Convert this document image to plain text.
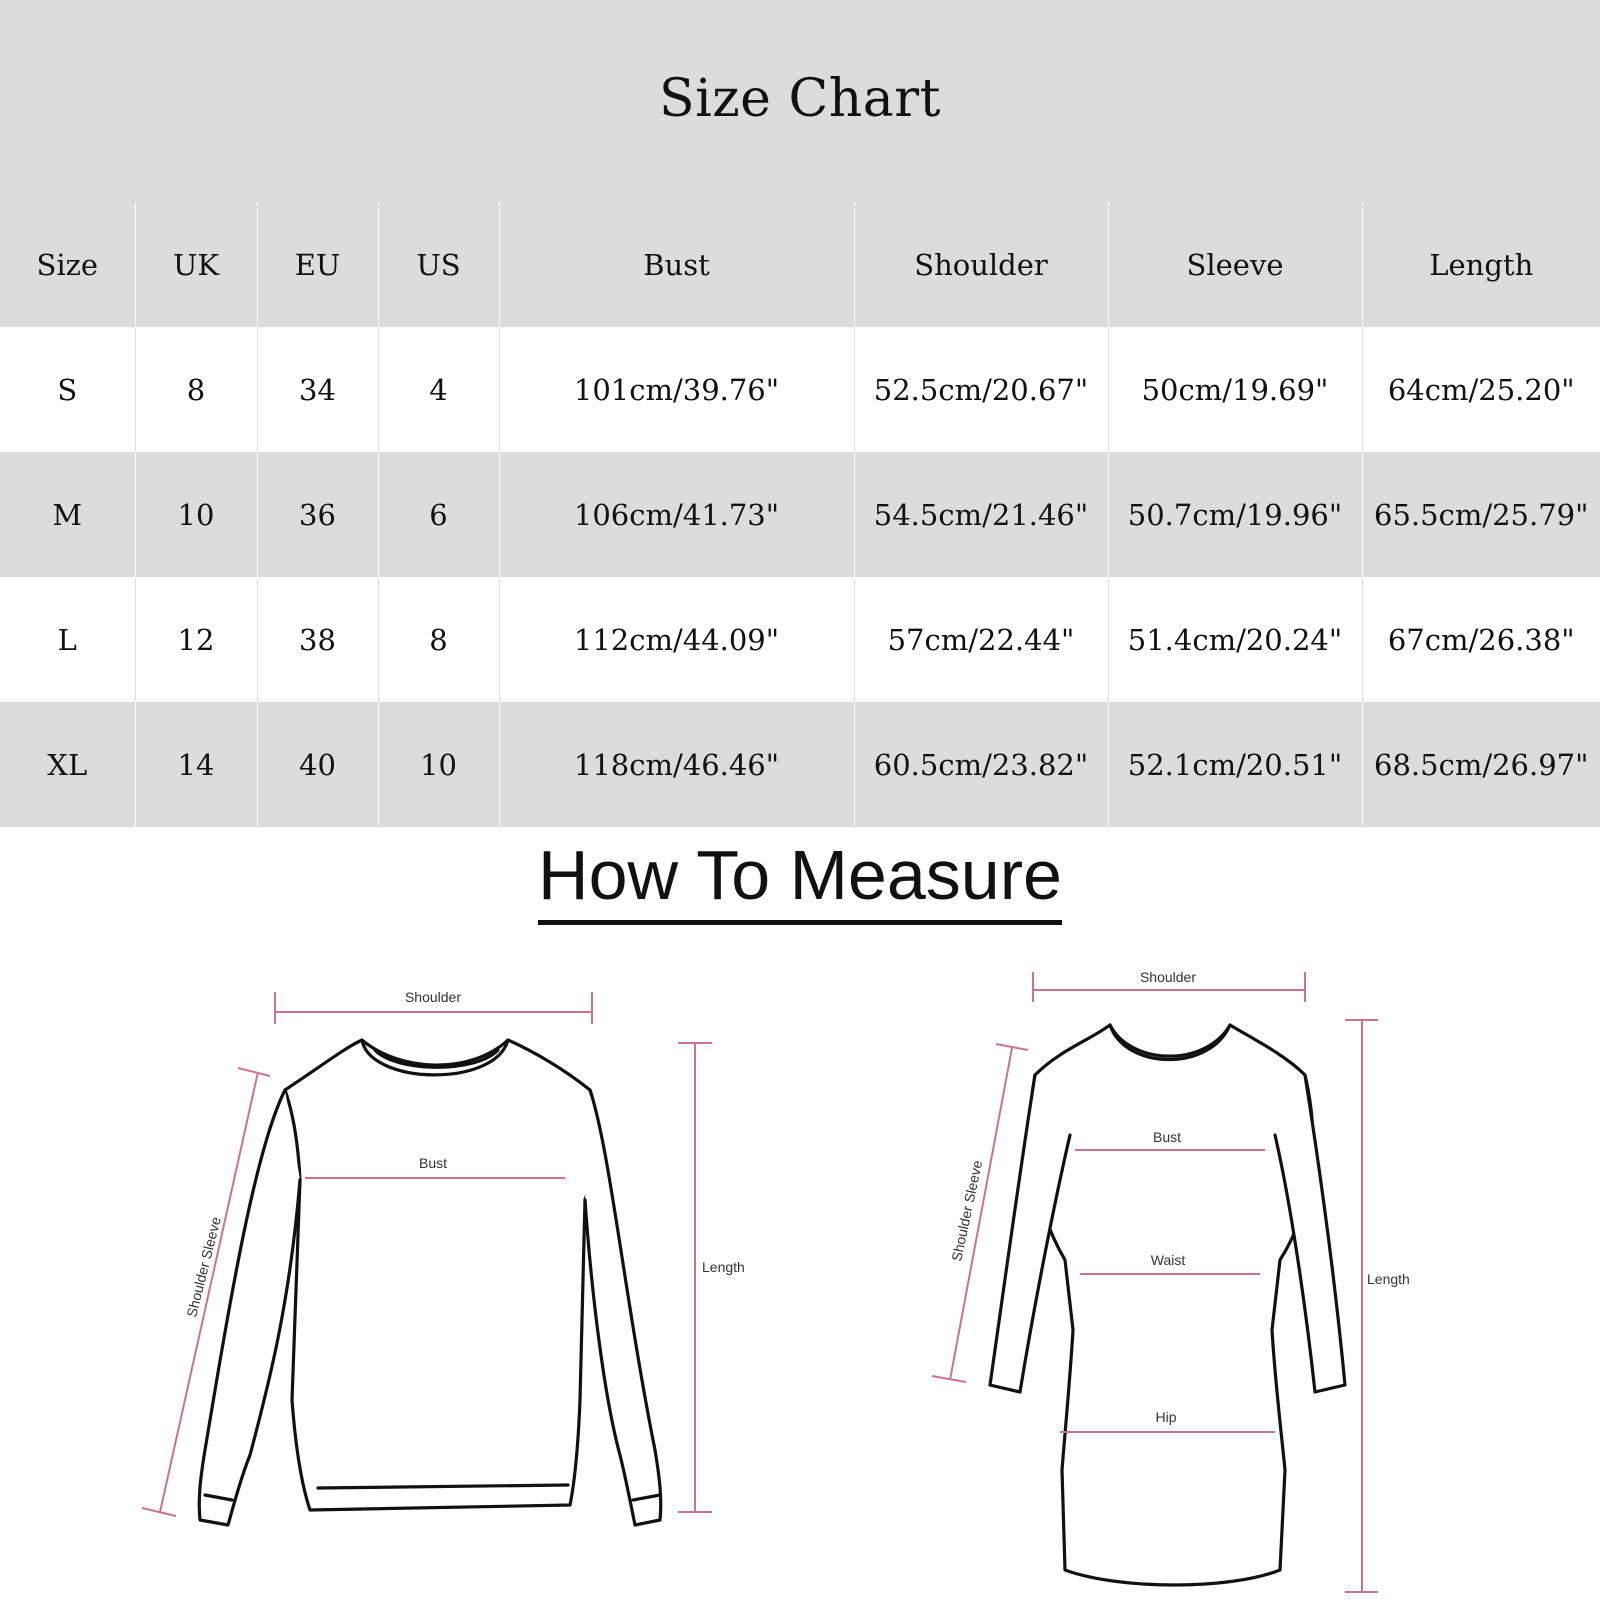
Size Chart
Size	UK	EU	US	Bust	Shoulder	Sleeve	Length
S	8	34	4	101cm/39.76"	52.5cm/20.67"	50cm/19.69"	64cm/25.20"
M	10	36	6	106cm/41.73"	54.5cm/21.46"	50.7cm/19.96"	65.5cm/25.79"
L	12	38	8	112cm/44.09"	57cm/22.44"	51.4cm/20.24"	67cm/26.38"
XL	14	40	10	118cm/46.46"	60.5cm/23.82"	52.1cm/20.51"	68.5cm/26.97"
How To Measure
Shoulder
Bust
Length
Shoulder Sleeve
Shoulder
Bust
Waist
Hip
Length
Shoulder Sleeve
